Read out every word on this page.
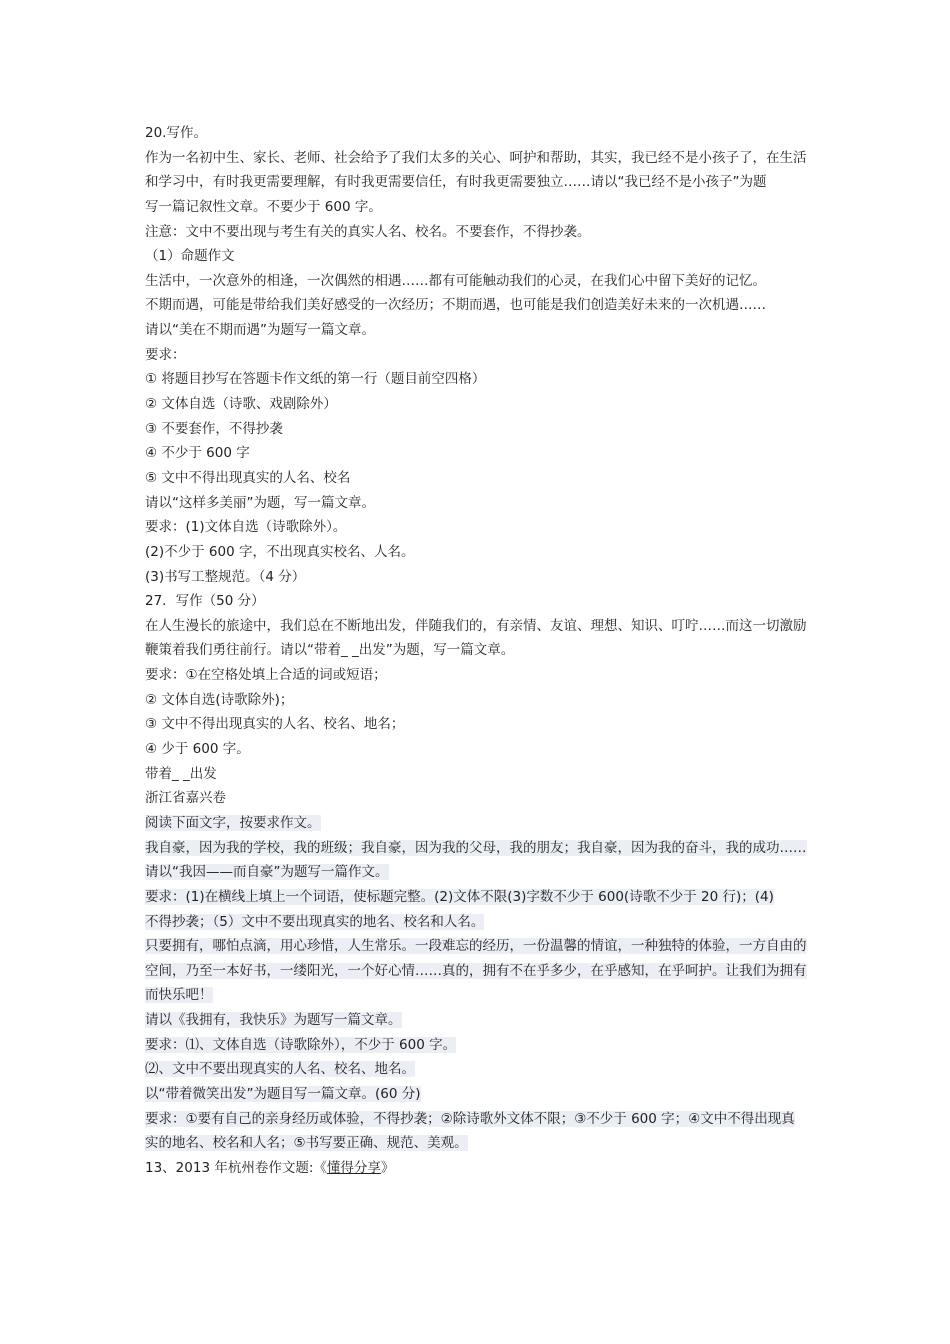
20.写作。
作为一名初中生、家长、老师、社会给予了我们太多的关心、呵护和帮助，其实，我已经不是小孩子了，在生活
和学习中，有时我更需要理解，有时我更需要信任，有时我更需要独立……请以“我已经不是小孩子”为题
写一篇记叙性文章。不要少于 600 字。
注意：文中不要出现与考生有关的真实人名、校名。不要套作，不得抄袭。
（1）命题作文
生活中，一次意外的相逢，一次偶然的相遇……都有可能触动我们的心灵，在我们心中留下美好的记忆。
不期而遇，可能是带给我们美好感受的一次经历；不期而遇，也可能是我们创造美好未来的一次机遇……
请以“美在不期而遇”为题写一篇文章。
要求：
① 将题目抄写在答题卡作文纸的第一行（题目前空四格）
② 文体自选（诗歌、戏剧除外）
③ 不要套作，不得抄袭
④ 不少于 600 字
⑤ 文中不得出现真实的人名、校名
请以“这样多美丽”为题，写一篇文章。
要求：(1)文体自选（诗歌除外）。
(2)不少于 600 字，不出现真实校名、人名。
(3)书写工整规范。（4 分）
27．写作（50 分）
在人生漫长的旅途中，我们总在不断地出发，伴随我们的，有亲情、友谊、理想、知识、叮咛……而这一切激励
鞭策着我们勇往前行。请以“带着_ _出发”为题，写一篇文章。
要求：①在空格处填上合适的词或短语；
② 文体自选(诗歌除外)；
③ 文中不得出现真实的人名、校名、地名；
④ 少于 600 字。
带着_ _出发
浙江省嘉兴卷
阅读下面文字，按要求作文。
我自豪，因为我的学校，我的班级；我自豪，因为我的父母，我的朋友；我自豪，因为我的奋斗，我的成功……
请以“我因——而自豪”为题写一篇作文。
要求：(1)在横线上填上一个词语，使标题完整。(2)文体不限(3)字数不少于 600(诗歌不少于 20 行)；(4)
不得抄袭；（5）文中不要出现真实的地名、校名和人名。
只要拥有，哪怕点滴，用心珍惜，人生常乐。一段难忘的经历，一份温馨的情谊，一种独特的体验，一方自由的
空间，乃至一本好书，一缕阳光，一个好心情……真的，拥有不在乎多少，在乎感知，在乎呵护。让我们为拥有
而快乐吧！
请以《我拥有，我快乐》为题写一篇文章。
要求：⑴、文体自选（诗歌除外），不少于 600 字。
⑵、文中不要出现真实的人名、校名、地名。
以“带着微笑出发”为题目写一篇文章。(60 分)
要求：①要有自己的亲身经历或体验，不得抄袭；②除诗歌外文体不限；③不少于 600 字；④文中不得出现真
实的地名、校名和人名；⑤书写要正确、规范、美观。
13、2013 年杭州卷作文题:《懂得分享》
